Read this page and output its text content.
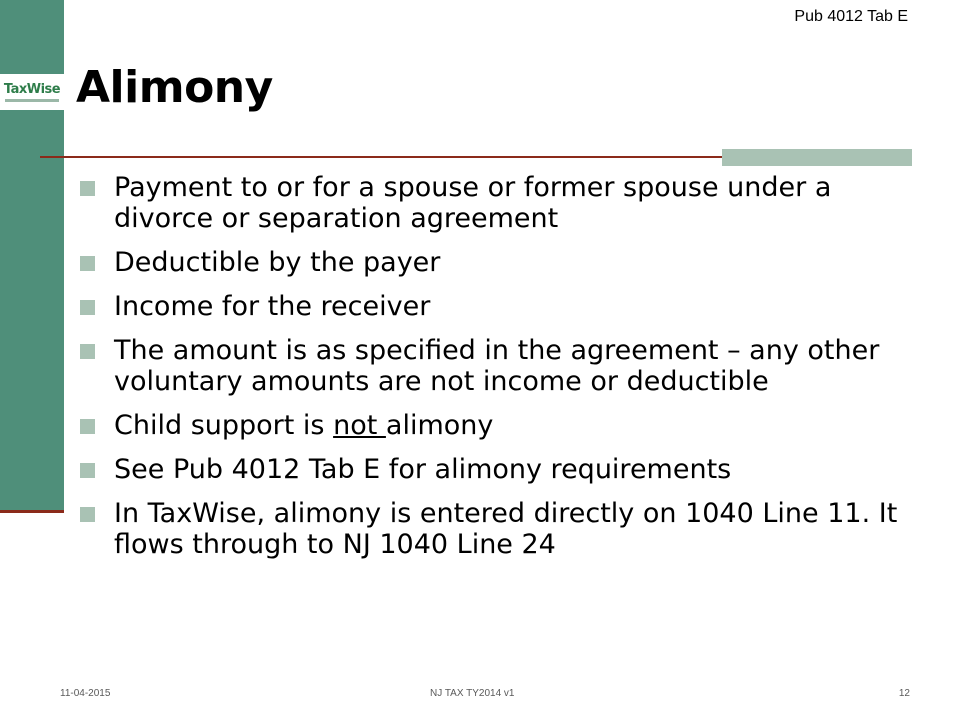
TaxWise
Pub 4012 Tab E
Alimony
Payment to or for a spouse or former spouse under a divorce or separation agreement
Deductible by the payer
Income for the receiver
The amount is as specified in the agreement – any other voluntary amounts are not income or deductible
Child support is not alimony
See Pub 4012 Tab E for alimony requirements
In TaxWise, alimony is entered directly on 1040 Line 11. It flows through to NJ 1040 Line 24
11-04-2015	NJ TAX TY2014 v1	12
